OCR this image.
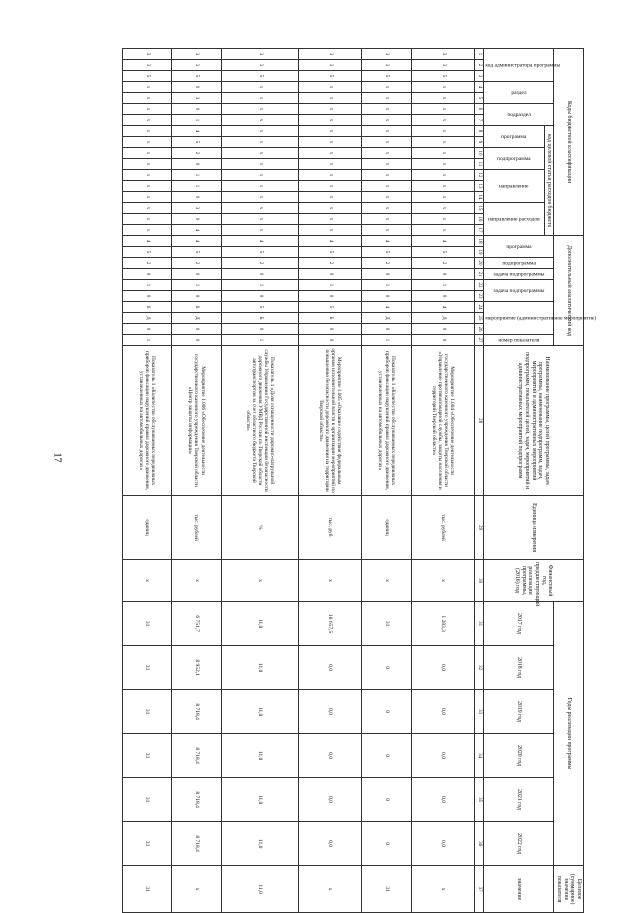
17
Коды бюджетной классификации																	Дополнительный аналитический код										Наименование программы, целей программы, задач программы, наименование подпрограмм, задач, мероприятий и административных мероприятий подпрограмм, показателей целей, задач, мероприятий и административных мероприятий подпрограмм	Единица измерения	Финансовый год, предшествующий реализации программы, (2016) год	Годы реализации программы						Целевое (суммарное) значение показателя
код администратора программы			раздел		подраздел		код целевой статьи расходов бюджета										программа		подпрограмма	задача подпрограммы	задача подпрограммы		мероприятие (административное мероприятие)			номер показателя				2017 год	2018 год	2019 год	2020 год	2021 год	2022 год	значение
							программа		подпрограмма		направление			направление расходов																						
1	2	3	4	5	6	7	8	9	10	11	12	13	14	15	16	17	18	19	20	21	22	23	24	25	26	27	28	29	30	31	32	33	34	35	36	37
3	3	5	x	x	x	x	x	x	x	x	x	x	x	x	x	x	4	5	2	0	1	0	4	Д	0	0	Мероприятие 1.004 «Обеспечение деятельности государственного казенного учреждения Тверской области «Управление противопожарной службы, защиты населения и территорий Тверской области»	тыс. рублей	x	1 283,3	0,0	0,0	0,0	0,0	0,0	x
3	3	5	x	x	x	x	x	x	x	x	x	x	x	x	x	x	4	5	2	0	1	0	4	Д	0	1	Показатель 1 «Количество обслуживаемых передвижных приборов фиксации нарушений правил дорожного движения, установленных на автомобильных дорогах»	единиц	x	31	0	0	0	0	0	31
3	3	5	x	x	x	x	x	x	x	x	x	x	x	x	x	x	4	5	2	0	1	0	5	Б	0	0	Мероприятие 1.005 «Оказание содействия федеральным органам исполнительной власти в организации мероприятий по повышению безопасности дорожного движения на территории Тверской области»	тыс. руб.	x	18 657,5	0,0	0,0	0,0	0,0	0,0	x
3	3	5	x	x	x	x	x	x	x	x	x	x	x	x	x	x	4	5	2	0	1	0	5	Б	0	1	Показатель 1 «Доля оснащенности дорожно-патрульной службы Управления Государственной инспекции безопасности дорожного движения УМВД России по Тверской области автотранспортом за счет областного бюджета Тверской области»	%	x	11,0	11,0	11,0	11,0	11,0	11,0	11,0
3	3	5	0	3	0	1	4	5	2	0	1	1	0	3	0	4	4	5	2	0	1	0	6	Д	0	0	Мероприятие 1.006 «Обеспечение деятельности государственного казенного учреждения Тверской области «Центр защиты информации»	тыс. рублей	x	6 751,7	8 952,1	8 718,4	8 718,4	8 718,4	8 718,4	x
3	3	5	x	x	x	x	x	x	x	x	x	x	x	x	x	x	4	5	2	0	1	0	6	Д	0	1	Показатель 1 «Количество обслуживаемых передвижных приборов фиксации нарушений правил дорожного движения, установленных на автомобильных дорогах»	единиц	x	31	31	31	31	31	31	31
